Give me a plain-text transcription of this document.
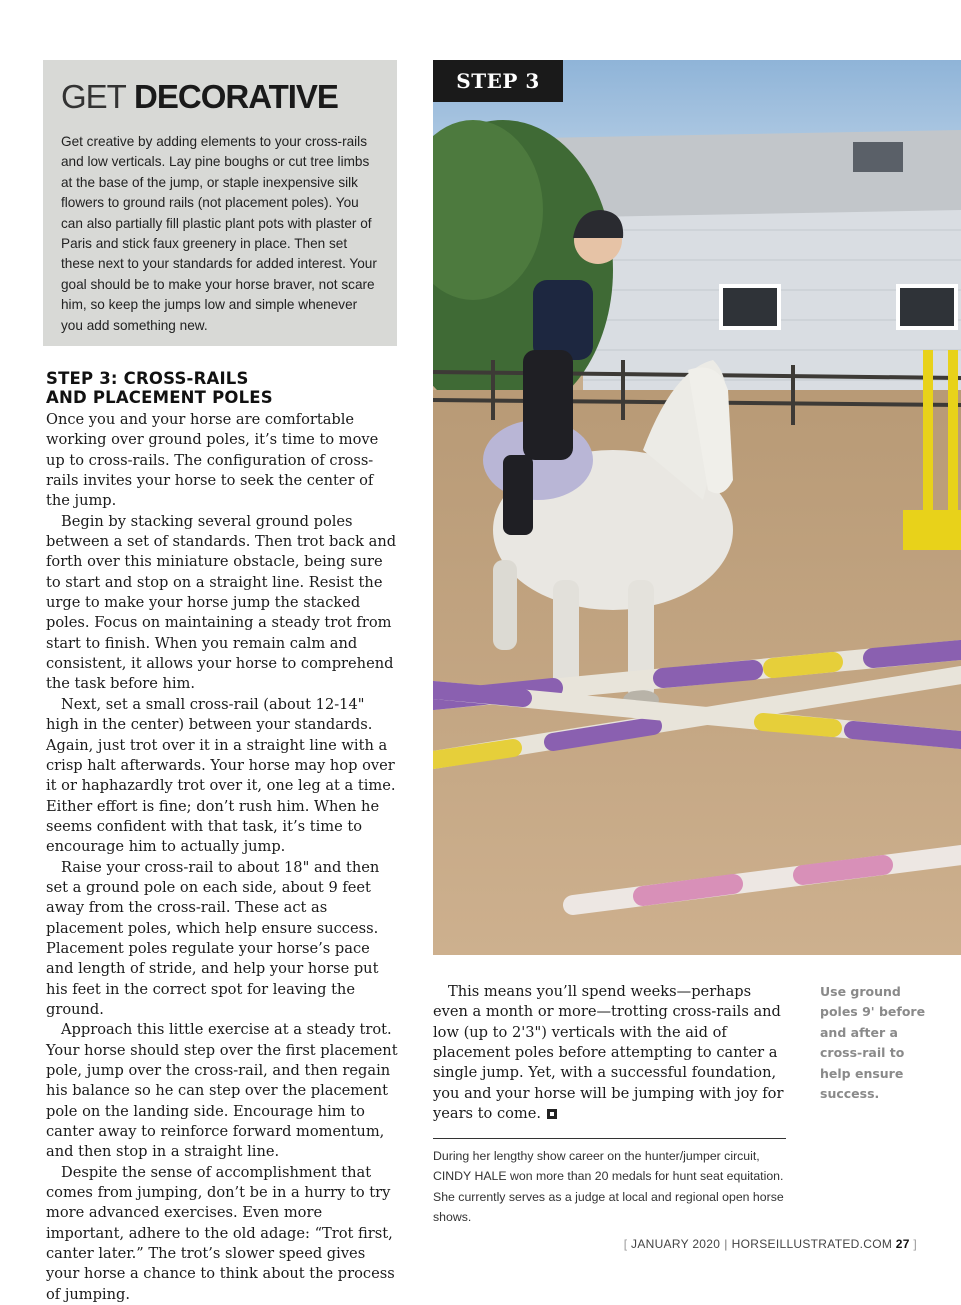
GET DECORATIVE

Get creative by adding elements to your cross-rails and low verticals. Lay pine boughs or cut tree limbs at the base of the jump, or staple inexpensive silk flowers to ground rails (not placement poles). You can also partially fill plastic plant pots with plaster of Paris and stick faux greenery in place. Then set these next to your standards for added interest. Your goal should be to make your horse braver, not scare him, so keep the jumps low and simple whenever you add something new.

STEP 3: CROSS-RAILS
AND PLACEMENT POLES

Once you and your horse are comfortable working over ground poles, it’s time to move up to cross-rails. The configuration of cross-rails invites your horse to seek the center of the jump.

Begin by stacking several ground poles between a set of standards. Then trot back and forth over this miniature obstacle, being sure to start and stop on a straight line. Resist the urge to make your horse jump the stacked poles. Focus on maintaining a steady trot from start to finish. When you remain calm and consistent, it allows your horse to comprehend the task before him.

Next, set a small cross-rail (about 12-14" high in the center) between your standards. Again, just trot over it in a straight line with a crisp halt afterwards. Your horse may hop over it or haphazardly trot over it, one leg at a time. Either effort is fine; don’t rush him. When he seems confident with that task, it’s time to encourage him to actually jump.

Raise your cross-rail to about 18" and then set a ground pole on each side, about 9 feet away from the cross-rail. These act as placement poles, which help ensure success. Placement poles regulate your horse’s pace and length of stride, and help your horse put his feet in the correct spot for leaving the ground.

Approach this little exercise at a steady trot. Your horse should step over the first placement pole, jump over the cross-rail, and then regain his balance so he can step over the placement pole on the landing side. Encourage him to canter away to reinforce forward momentum, and then stop in a straight line.

Despite the sense of accomplishment that comes from jumping, don’t be in a hurry to try more advanced exercises. Even more important, adhere to the old adage: “Trot first, canter later.” The trot’s slower speed gives your horse a chance to think about the process of jumping.

STEP 3

This means you’ll spend weeks—perhaps even a month or more—trotting cross-rails and low (up to 2'3") verticals with the aid of placement poles before attempting to canter a single jump. Yet, with a successful foundation, you and your horse will be jumping with joy for years to come.

During her lengthy show career on the hunter/jumper circuit, CINDY HALE won more than 20 medals for hunt seat equitation. She currently serves as a judge at local and regional open horse shows.

Use ground poles 9' before and after a cross-rail to help ensure success.

[ JANUARY 2020 | HORSEILLUSTRATED.COM 27 ]
